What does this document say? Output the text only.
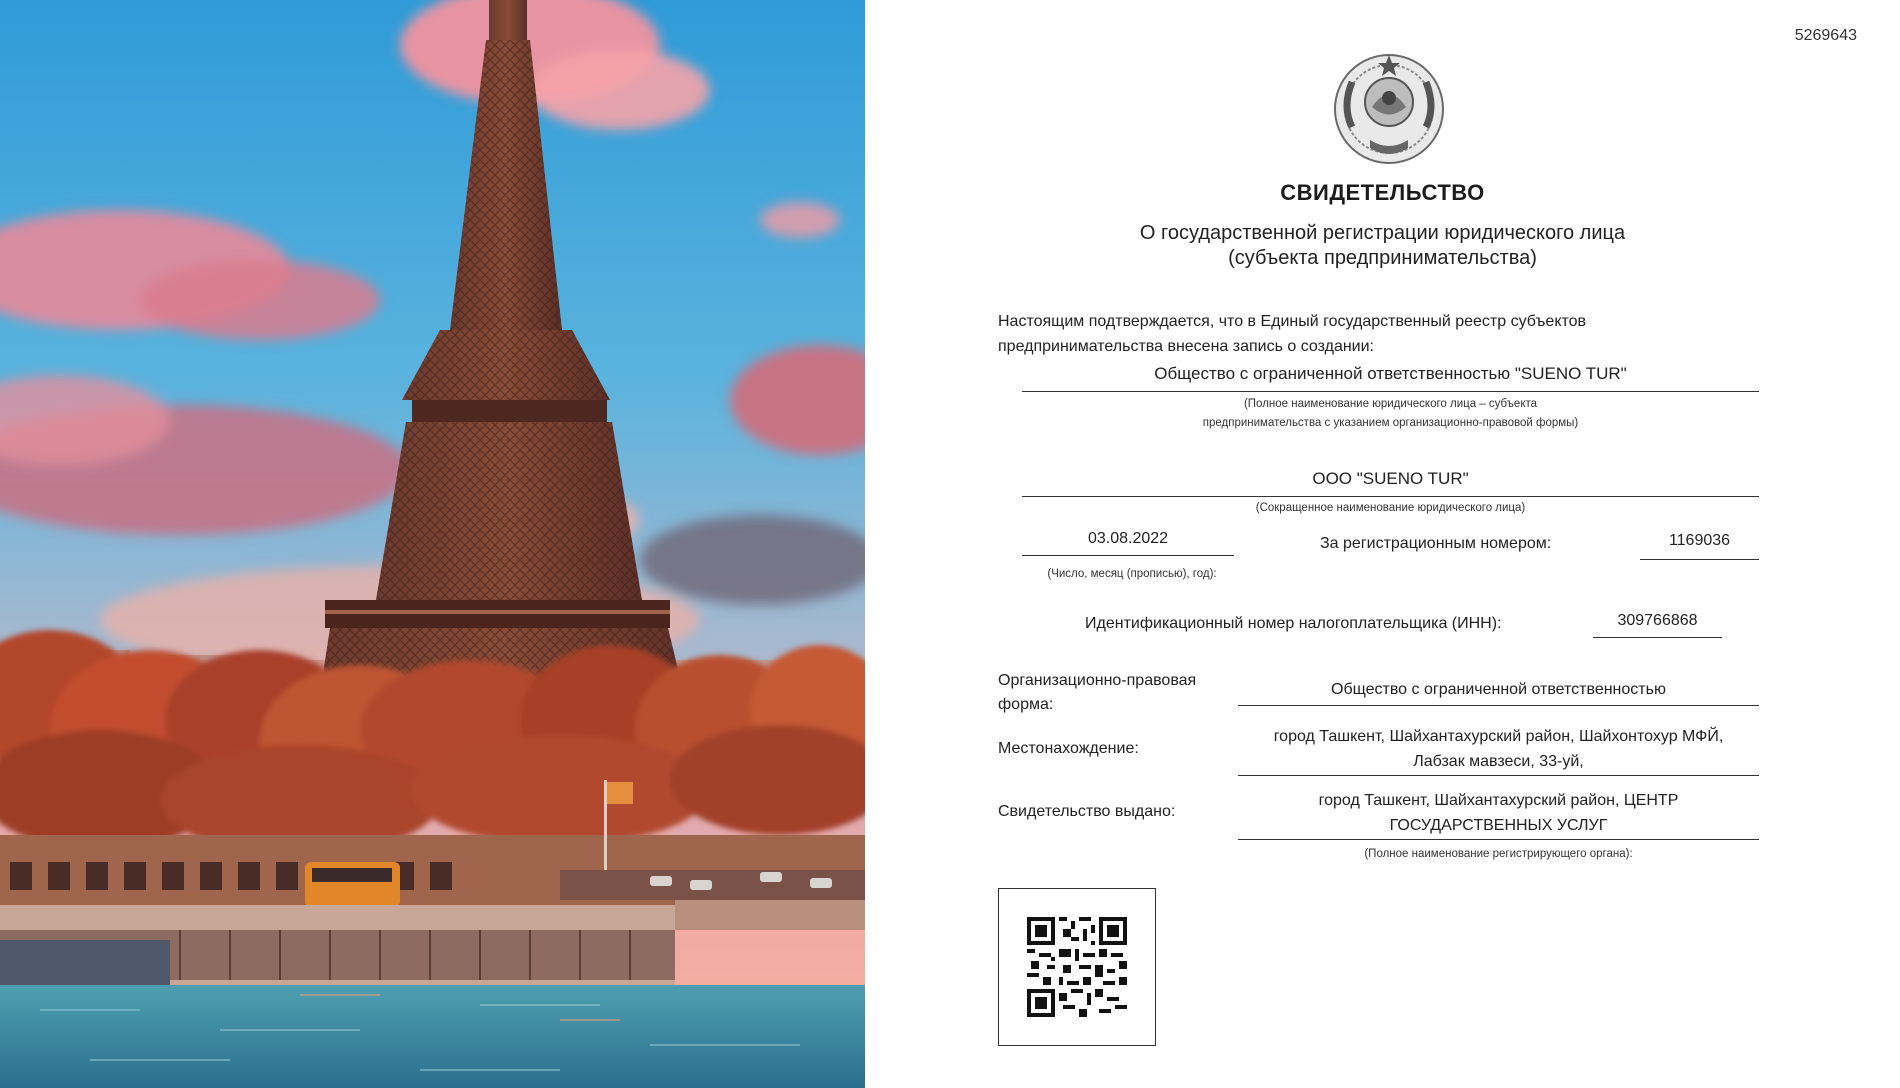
5269643
СВИДЕТЕЛЬСТВО
О государственной регистрации юридического лица
(субъекта предпринимательства)
Настоящим подтверждается, что в Единый государственный реестр субъектов
предпринимательства внесена запись о создании:
Общество с ограниченной ответственностью "SUENO TUR"
(Полное наименование юридического лица – субъекта
предпринимательства с указанием организационно-правовой формы)
ООО "SUENO TUR"
(Сокращенное наименование юридического лица)
03.08.2022
(Число, месяц (прописью), год):
За регистрационным номером:	1169036
Идентификационный номер налогоплательщика (ИНН):	309766868
Организационно-правовая
форма:
Общество с ограниченной ответственностью
Местонахождение:
город Ташкент, Шайхантахурский район, Шайхонтохур МФЙ,
Лабзак мавзеси, 33-уй,
Свидетельство выдано:
город Ташкент, Шайхантахурский район, ЦЕНТР
ГОСУДАРСТВЕННЫХ УСЛУГ
(Полное наименование регистрирующего органа):
